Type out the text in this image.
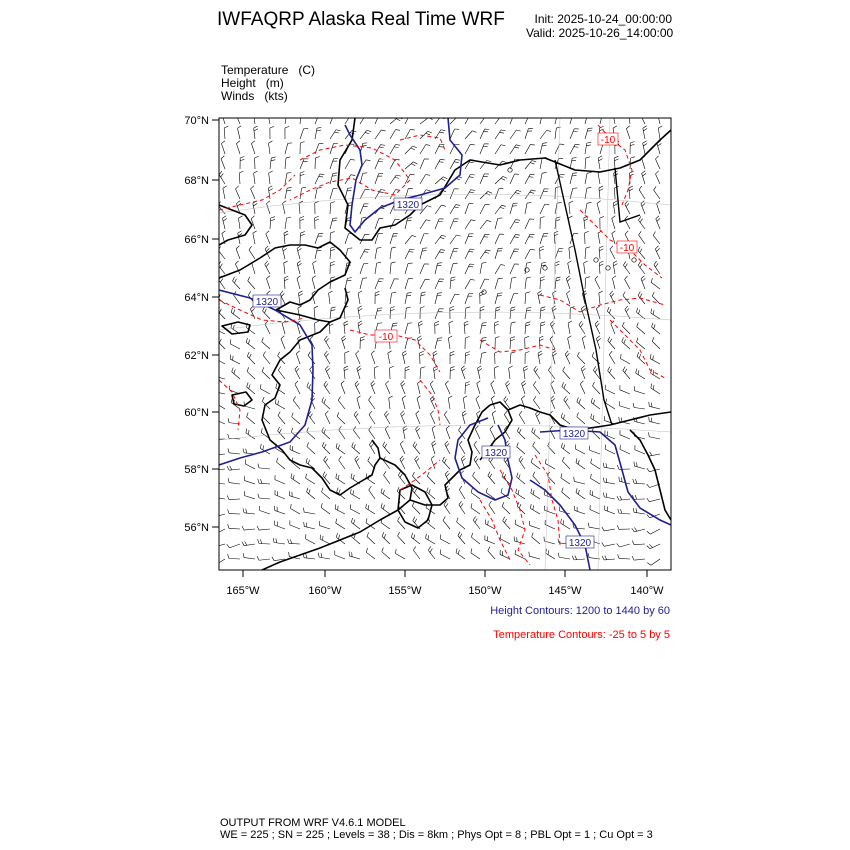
IWFAQRP Alaska Real Time WRF Init: 2025-10-24_00:00:00
Valid: 2025-10-26_14:00:00
Temperature (C)
Height (m)
Winds (kts)
1320
1320
1320
1320
1320
-10
-10
-10
70°N
68°N
66°N
64°N
62°N
60°N
58°N
56°N
165°W	160°W	155°W	150°W	145°W	140°W
Height Contours: 1200 to 1440 by 60
Temperature Contours: -25 to 5 by 5
OUTPUT FROM WRF V4.6.1 MODEL
WE = 225 ; SN = 225 ; Levels = 38 ; Dis = 8km ; Phys Opt = 8 ; PBL Opt = 1 ; Cu Opt = 3
